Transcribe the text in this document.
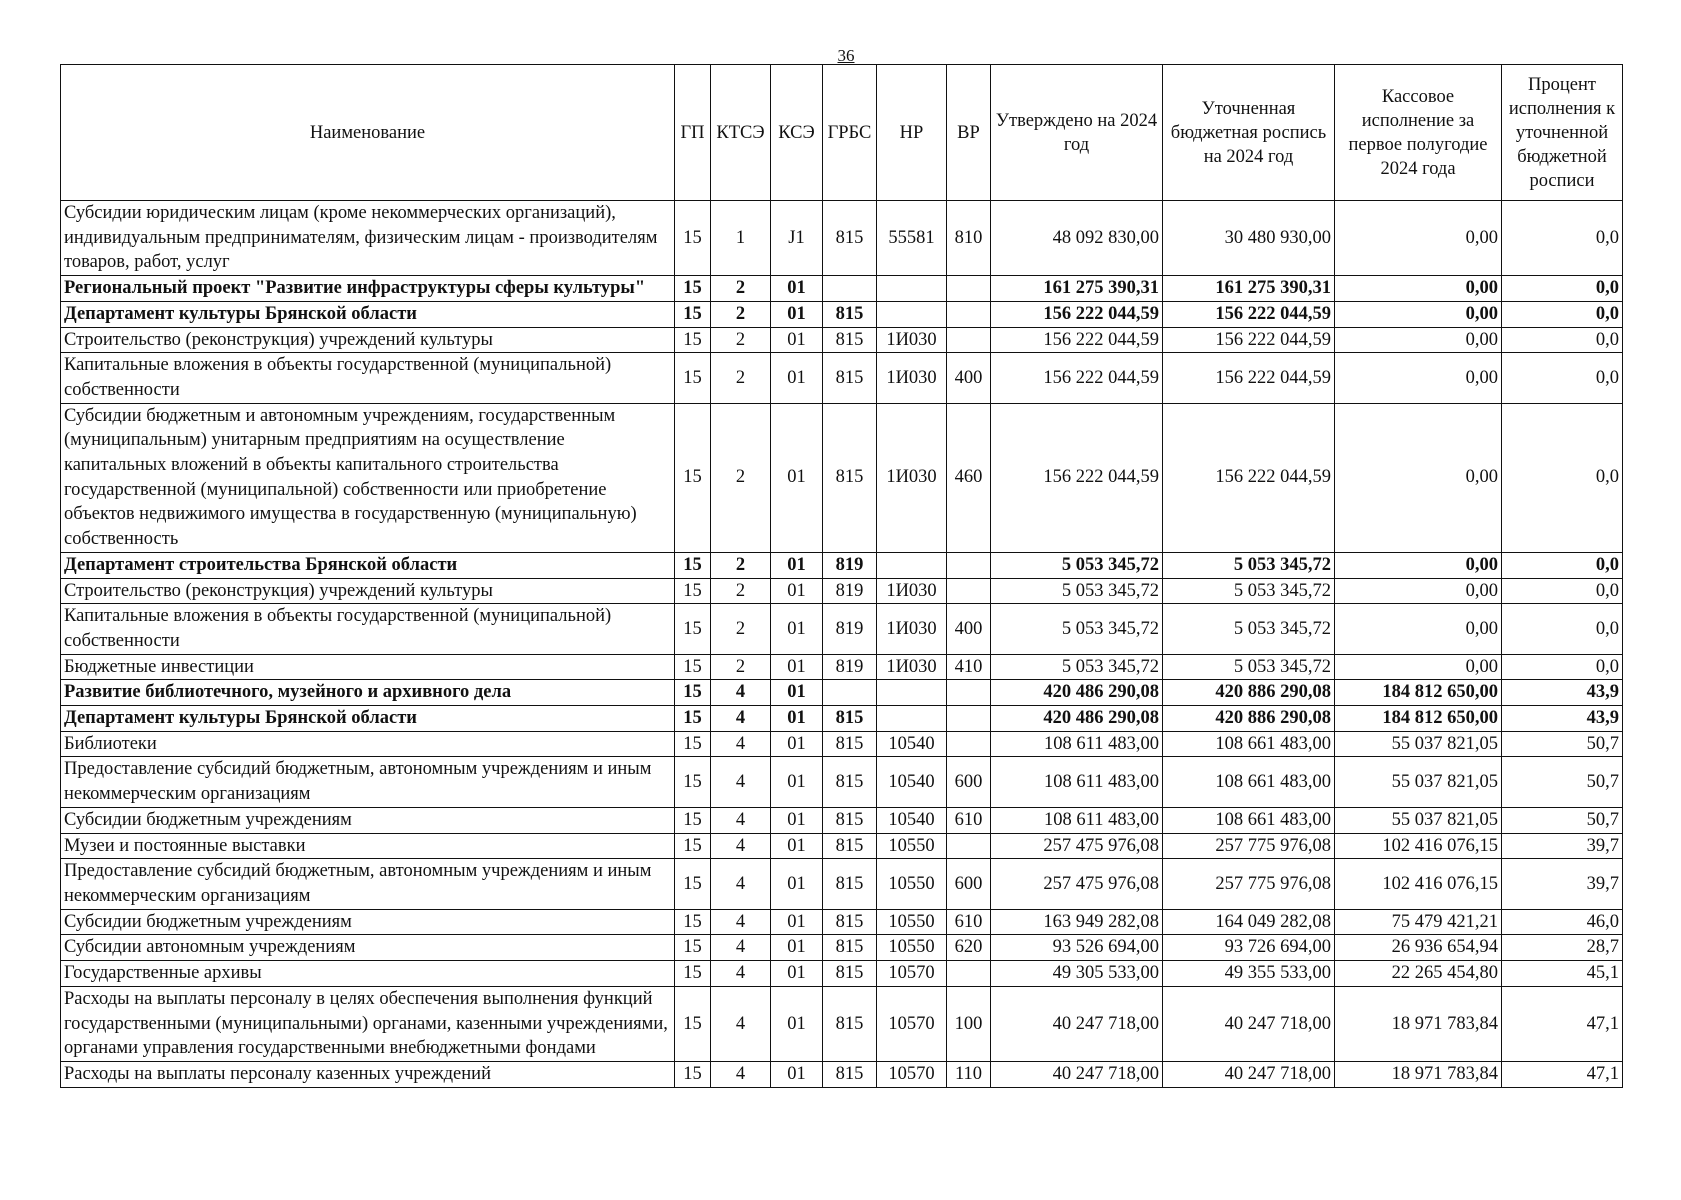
36
Наименование	ГП	КТСЭ	КСЭ	ГРБС	НР	ВР	Утверждено на 2024 год	Уточненная бюджетная роспись на 2024 год	Кассовое исполнение за первое полугодие 2024 года	Процент исполнения к уточненной бюджетной росписи
Субсидии юридическим лицам (кроме некоммерческих организаций), индивидуальным предпринимателям, физическим лицам - производителям товаров, работ, услуг	15	1	J1	815	55581	810	48 092 830,00	30 480 930,00	0,00	0,0
Региональный проект "Развитие инфраструктуры сферы культуры"	15	2	01				161 275 390,31	161 275 390,31	0,00	0,0
Департамент культуры Брянской области	15	2	01	815			156 222 044,59	156 222 044,59	0,00	0,0
Строительство (реконструкция) учреждений культуры	15	2	01	815	1И030		156 222 044,59	156 222 044,59	0,00	0,0
Капитальные вложения в объекты государственной (муниципальной) собственности	15	2	01	815	1И030	400	156 222 044,59	156 222 044,59	0,00	0,0
Субсидии бюджетным и автономным учреждениям, государственным (муниципальным) унитарным предприятиям на осуществление капитальных вложений в объекты капитального строительства государственной (муниципальной) собственности или приобретение объектов недвижимого имущества в государственную (муниципальную) собственность	15	2	01	815	1И030	460	156 222 044,59	156 222 044,59	0,00	0,0
Департамент строительства Брянской области	15	2	01	819			5 053 345,72	5 053 345,72	0,00	0,0
Строительство (реконструкция) учреждений культуры	15	2	01	819	1И030		5 053 345,72	5 053 345,72	0,00	0,0
Капитальные вложения в объекты государственной (муниципальной) собственности	15	2	01	819	1И030	400	5 053 345,72	5 053 345,72	0,00	0,0
Бюджетные инвестиции	15	2	01	819	1И030	410	5 053 345,72	5 053 345,72	0,00	0,0
Развитие библиотечного, музейного и архивного дела	15	4	01				420 486 290,08	420 886 290,08	184 812 650,00	43,9
Департамент культуры Брянской области	15	4	01	815			420 486 290,08	420 886 290,08	184 812 650,00	43,9
Библиотеки	15	4	01	815	10540		108 611 483,00	108 661 483,00	55 037 821,05	50,7
Предоставление субсидий бюджетным, автономным учреждениям и иным некоммерческим организациям	15	4	01	815	10540	600	108 611 483,00	108 661 483,00	55 037 821,05	50,7
Субсидии бюджетным учреждениям	15	4	01	815	10540	610	108 611 483,00	108 661 483,00	55 037 821,05	50,7
Музеи и постоянные выставки	15	4	01	815	10550		257 475 976,08	257 775 976,08	102 416 076,15	39,7
Предоставление субсидий бюджетным, автономным учреждениям и иным некоммерческим организациям	15	4	01	815	10550	600	257 475 976,08	257 775 976,08	102 416 076,15	39,7
Субсидии бюджетным учреждениям	15	4	01	815	10550	610	163 949 282,08	164 049 282,08	75 479 421,21	46,0
Субсидии автономным учреждениям	15	4	01	815	10550	620	93 526 694,00	93 726 694,00	26 936 654,94	28,7
Государственные архивы	15	4	01	815	10570		49 305 533,00	49 355 533,00	22 265 454,80	45,1
Расходы на выплаты персоналу в целях обеспечения выполнения функций государственными (муниципальными) органами, казенными учреждениями, органами управления государственными внебюджетными фондами	15	4	01	815	10570	100	40 247 718,00	40 247 718,00	18 971 783,84	47,1
Расходы на выплаты персоналу казенных учреждений	15	4	01	815	10570	110	40 247 718,00	40 247 718,00	18 971 783,84	47,1
